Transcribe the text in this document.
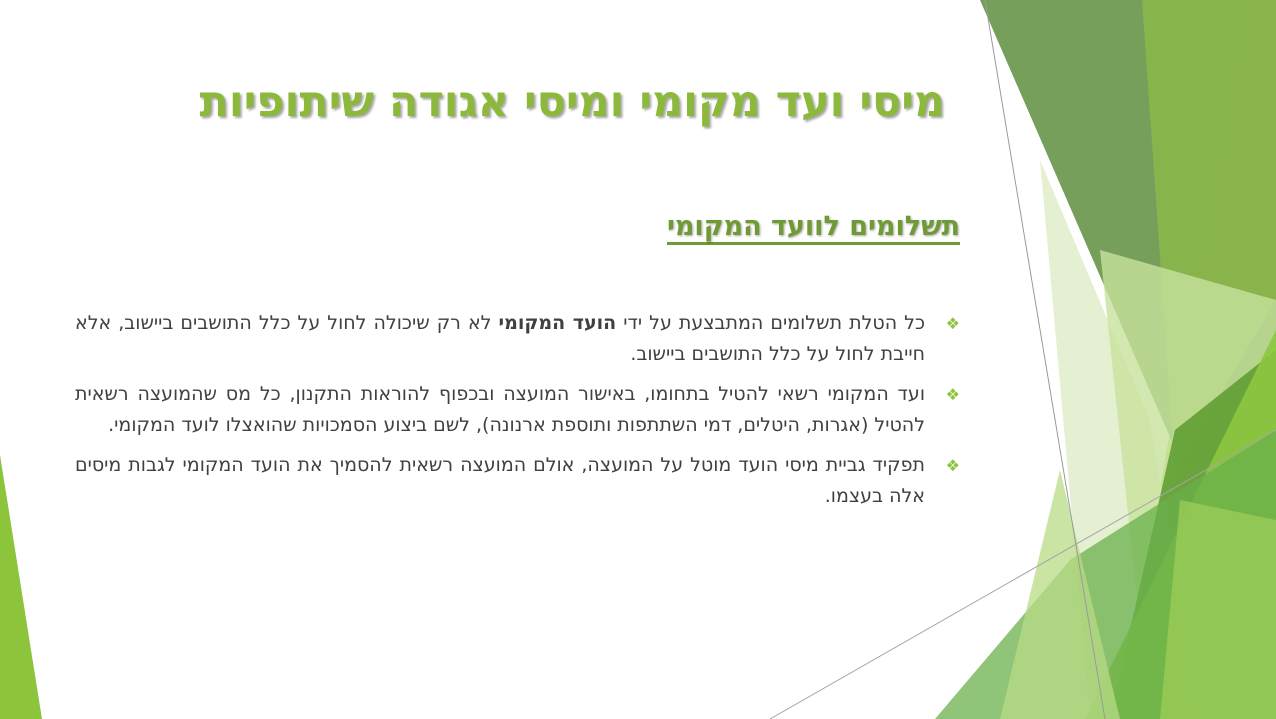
מיסי ועד מקומי ומיסי אגודה שיתופיות
תשלומים לוועד המקומי
❖
כל הטלת תשלומים המתבצעת על ידי הועד המקומי לא רק שיכולה לחול על כלל התושבים ביישוב, אלא חייבת לחול על כלל התושבים ביישוב.
❖
ועד המקומי רשאי להטיל בתחומו, באישור המועצה ובכפוף להוראות התקנון, כל מס שהמועצה רשאית להטיל (אגרות, היטלים, דמי השתתפות ותוספת ארנונה), לשם ביצוע הסמכויות שהואצלו לועד המקומי.
❖
תפקיד גביית מיסי הועד מוטל על המועצה, אולם המועצה רשאית להסמיך את הועד המקומי לגבות מיסים אלה בעצמו.
